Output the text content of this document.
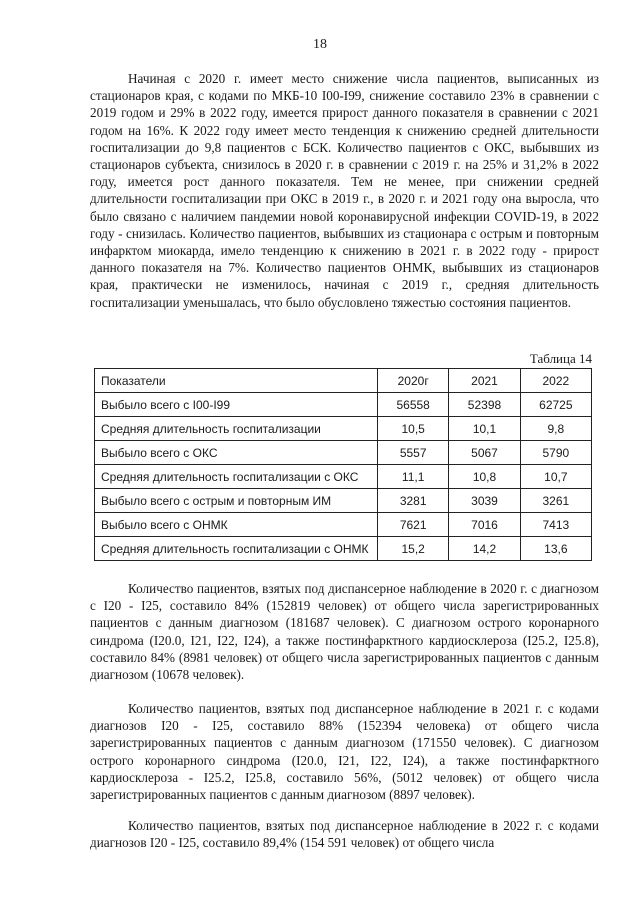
18

Начиная с 2020 г. имеет место снижение числа пациентов, выписанных из стационаров края, с кодами по МКБ-10 I00-I99, снижение составило 23% в сравнении с 2019 годом и 29% в 2022 году, имеется прирост данного показателя в сравнении с 2021 годом на 16%. К 2022 году имеет место тенденция к снижению средней длительности госпитализации до 9,8 пациентов с БСК. Количество пациентов с ОКС, выбывших из стационаров субъекта, снизилось в 2020 г. в сравнении с 2019 г. на 25% и 31,2% в 2022 году, имеется рост данного показателя. Тем не менее, при снижении средней длительности госпитализации при ОКС в 2019 г., в 2020 г. и 2021 году она выросла, что было связано с наличием пандемии новой коронавирусной инфекции COVID-19, в 2022 году - снизилась. Количество пациентов, выбывших из стационара с острым и повторным инфарктом миокарда, имело тенденцию к снижению в 2021 г. в 2022 году - прирост данного показателя на 7%. Количество пациентов ОНМК, выбывших из стационаров края, практически не изменилось, начиная с 2019 г., средняя длительность госпитализации уменьшалась, что было обусловлено тяжестью состояния пациентов.

Таблица 14
Показатели	2020г	2021	2022
Выбыло всего с I00-I99	56558	52398	62725
Средняя длительность госпитализации	10,5	10,1	9,8
Выбыло всего с ОКС	5557	5067	5790
Средняя длительность госпитализации с ОКС	11,1	10,8	10,7
Выбыло всего с острым и повторным ИМ	3281	3039	3261
Выбыло всего с ОНМК	7621	7016	7413
Средняя длительность госпитализации с ОНМК	15,2	14,2	13,6

Количество пациентов, взятых под диспансерное наблюдение в 2020 г. с диагнозом с I20 - I25, составило 84% (152819 человек) от общего числа зарегистрированных пациентов с данным диагнозом (181687 человек). С диагнозом острого коронарного синдрома (I20.0, I21, I22, I24), а также постинфарктного кардиосклероза (I25.2, I25.8), составило 84% (8981 человек) от общего числа зарегистрированных пациентов с данным диагнозом (10678 человек).

Количество пациентов, взятых под диспансерное наблюдение в 2021 г. с кодами диагнозов I20 - I25, составило 88% (152394 человека) от общего числа зарегистрированных пациентов с данным диагнозом (171550 человек). С диагнозом острого коронарного синдрома (I20.0, I21, I22, I24), а также постинфарктного кардиосклероза - I25.2, I25.8, составило 56%, (5012 человек) от общего числа зарегистрированных пациентов с данным диагнозом (8897 человек).

Количество пациентов, взятых под диспансерное наблюдение в 2022 г. с кодами диагнозов I20 - I25, составило 89,4% (154 591 человек) от общего числа
